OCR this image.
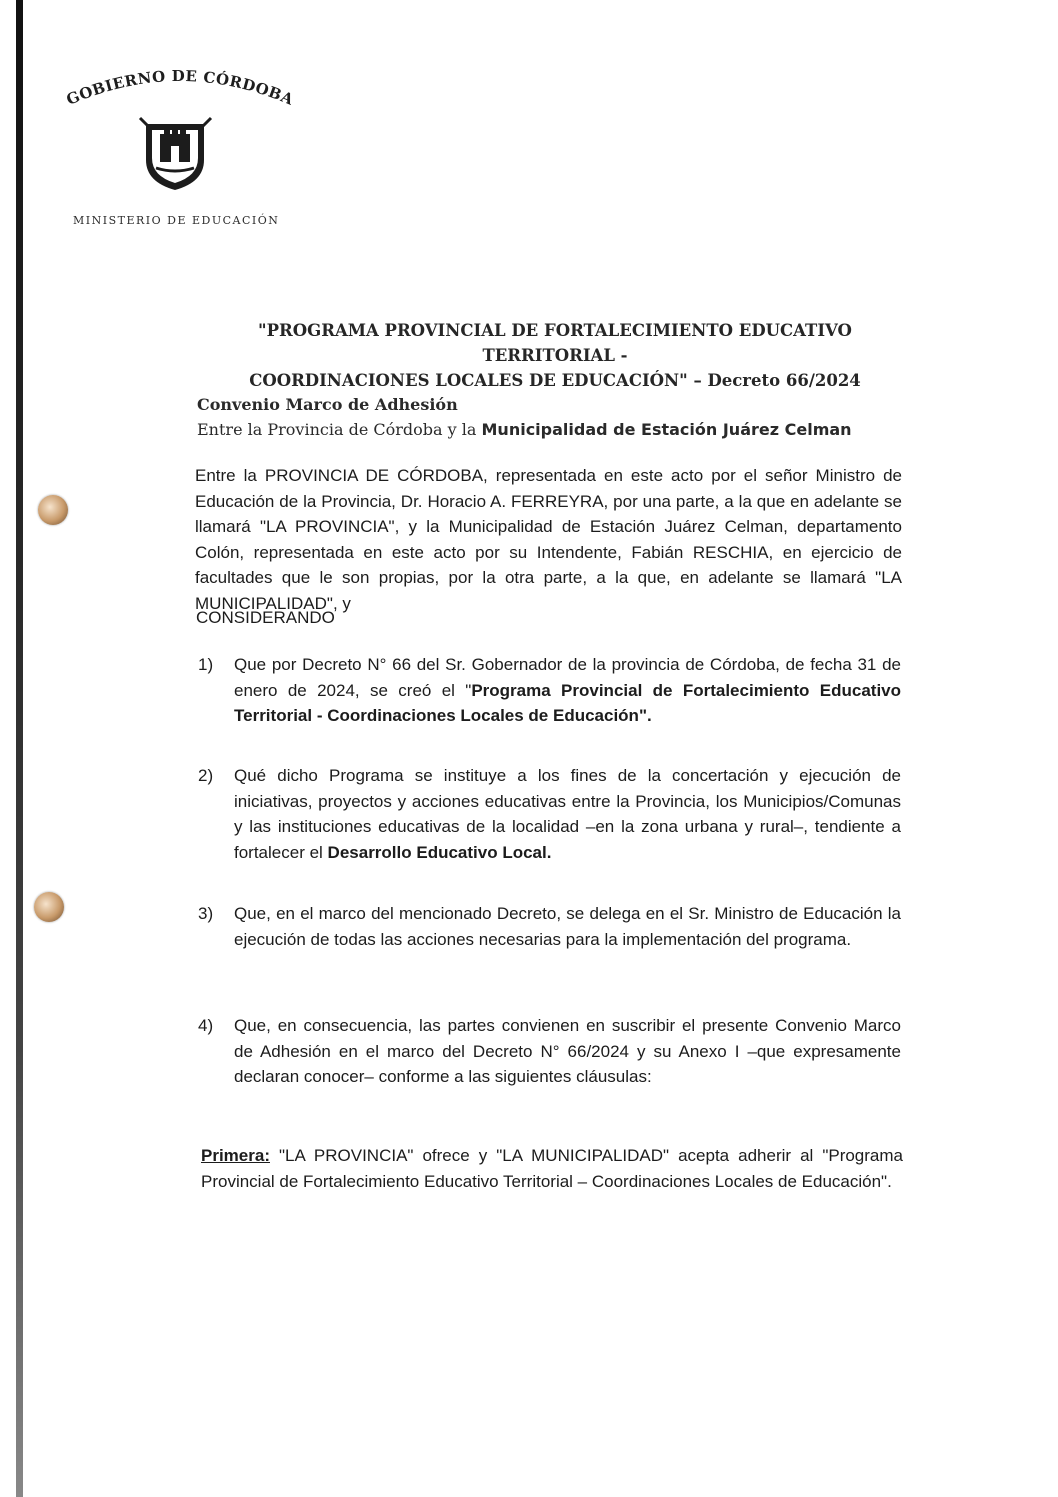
GOBIERNO DE CÓRDOBA
MINISTERIO DE EDUCACIÓN
"PROGRAMA PROVINCIAL DE FORTALECIMIENTO EDUCATIVO TERRITORIAL -
COORDINACIONES LOCALES DE EDUCACIÓN" – Decreto 66/2024
Convenio Marco de Adhesión
Entre la Provincia de Córdoba y la Municipalidad de Estación Juárez Celman
Entre la PROVINCIA DE CÓRDOBA, representada en este acto por el señor Ministro de Educación de la Provincia, Dr. Horacio A. FERREYRA, por una parte, a la que en adelante se llamará "LA PROVINCIA", y la Municipalidad de Estación Juárez Celman, departamento Colón, representada en este acto por su Intendente, Fabián RESCHIA, en ejercicio de facultades que le son propias, por la otra parte, a la que, en adelante se llamará "LA MUNICIPALIDAD", y
CONSIDERANDO
1)	Que por Decreto N° 66 del Sr. Gobernador de la provincia de Córdoba, de fecha 31 de enero de 2024, se creó el "Programa Provincial de Fortalecimiento Educativo Territorial - Coordinaciones Locales de Educación".
2)	Qué dicho Programa se instituye a los fines de la concertación y ejecución de iniciativas, proyectos y acciones educativas entre la Provincia, los Municipios/Comunas y las instituciones educativas de la localidad –en la zona urbana y rural–, tendiente a fortalecer el Desarrollo Educativo Local.
3)	Que, en el marco del mencionado Decreto, se delega en el Sr. Ministro de Educación la ejecución de todas las acciones necesarias para la implementación del programa.
4)	Que, en consecuencia, las partes convienen en suscribir el presente Convenio Marco de Adhesión en el marco del Decreto N° 66/2024 y su Anexo I –que expresamente declaran conocer– conforme a las siguientes cláusulas:
Primera: "LA PROVINCIA" ofrece y "LA MUNICIPALIDAD" acepta adherir al "Programa Provincial de Fortalecimiento Educativo Territorial – Coordinaciones Locales de Educación".
